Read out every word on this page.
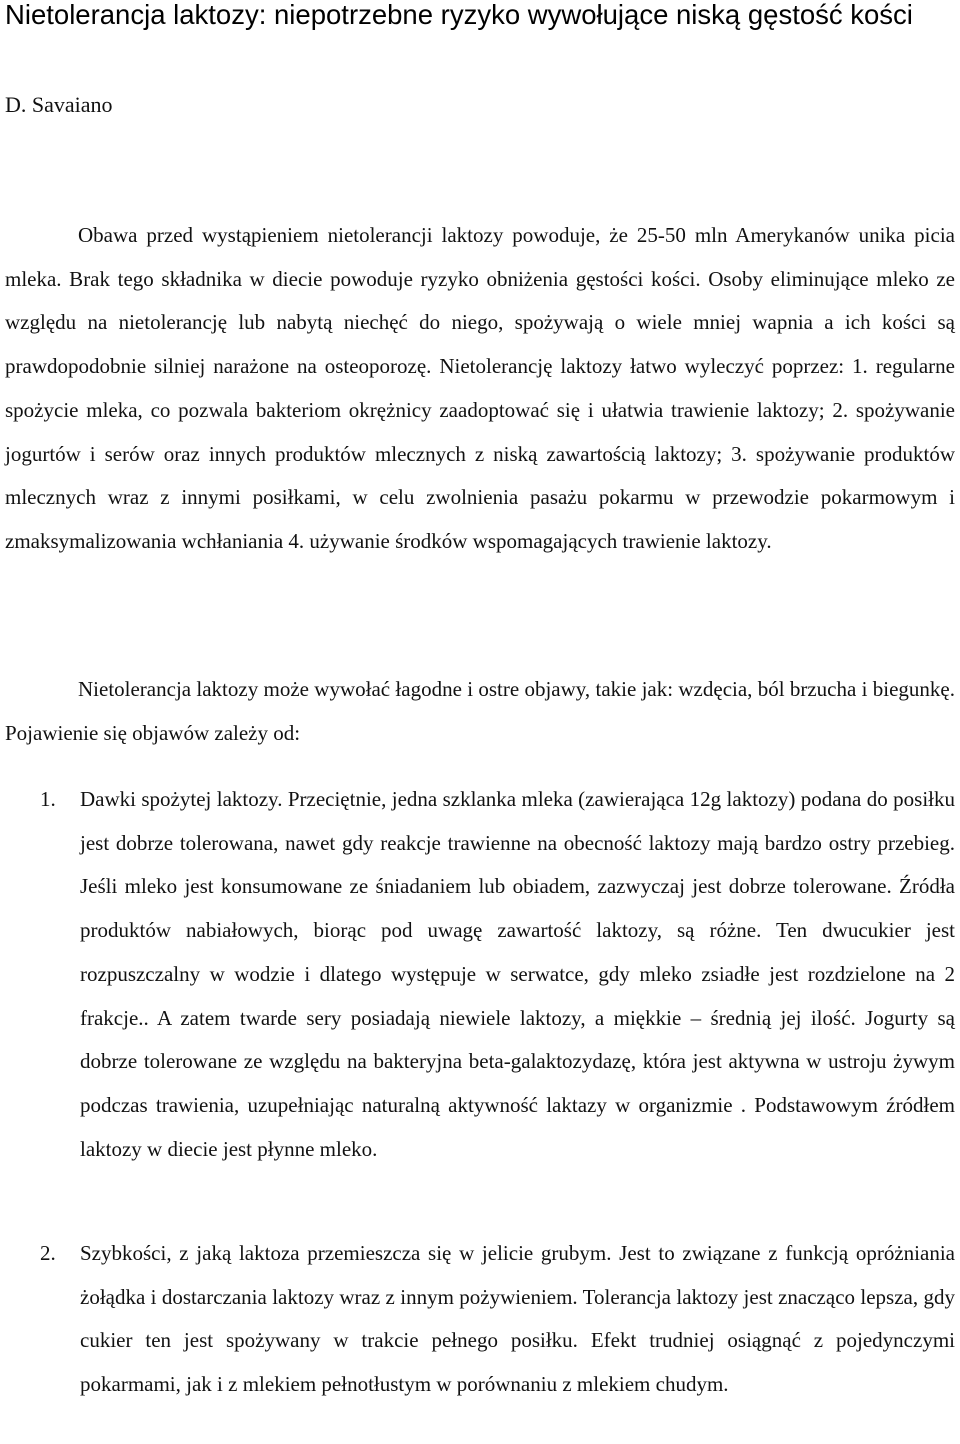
Nietolerancja laktozy: niepotrzebne ryzyko wywołujące niską gęstość kości

D. Savaiano

Obawa przed wystąpieniem nietolerancji laktozy powoduje, że 25-50 mln Amerykanów unika picia mleka. Brak tego składnika w diecie powoduje ryzyko obniżenia gęstości kości. Osoby eliminujące mleko ze względu na nietolerancję lub nabytą niechęć do niego, spożywają o wiele mniej wapnia a ich kości są prawdopodobnie silniej narażone na osteoporozę. Nietolerancję laktozy łatwo wyleczyć poprzez: 1. regularne spożycie mleka, co pozwala bakteriom okrężnicy zaadoptować się i ułatwia trawienie laktozy; 2. spożywanie jogurtów i serów oraz innych produktów mlecznych z niską zawartością laktozy; 3. spożywanie produktów mlecznych wraz z innymi posiłkami, w celu zwolnienia pasażu pokarmu w przewodzie pokarmowym i zmaksymalizowania wchłaniania 4. używanie środków wspomagających trawienie laktozy.

Nietolerancja laktozy może wywołać łagodne i ostre objawy, takie jak: wzdęcia, ból brzucha i biegunkę. Pojawienie się objawów zależy od:

1. Dawki spożytej laktozy. Przeciętnie, jedna szklanka mleka (zawierająca 12g laktozy) podana do posiłku jest dobrze tolerowana, nawet gdy reakcje trawienne na obecność laktozy mają bardzo ostry przebieg. Jeśli mleko jest konsumowane ze śniadaniem lub obiadem, zazwyczaj jest dobrze tolerowane. Źródła produktów nabiałowych, biorąc pod uwagę zawartość laktozy, są różne. Ten dwucukier jest rozpuszczalny w wodzie i dlatego występuje w serwatce, gdy mleko zsiadłe jest rozdzielone na 2 frakcje.. A zatem twarde sery posiadają niewiele laktozy, a miękkie – średnią jej ilość. Jogurty są dobrze tolerowane ze względu na bakteryjna beta-galaktozydazę, która jest aktywna w ustroju żywym podczas trawienia, uzupełniając naturalną aktywność laktazy w organizmie . Podstawowym źródłem laktozy w diecie jest płynne mleko.
2. Szybkości, z jaką laktoza przemieszcza się w jelicie grubym. Jest to związane z funkcją opróżniania żołądka i dostarczania laktozy wraz z innym pożywieniem. Tolerancja laktozy jest znacząco lepsza, gdy cukier ten jest spożywany w trakcie pełnego posiłku. Efekt trudniej osiągnąć z pojedynczymi pokarmami, jak i z mlekiem pełnotłustym w porównaniu z mlekiem chudym.
